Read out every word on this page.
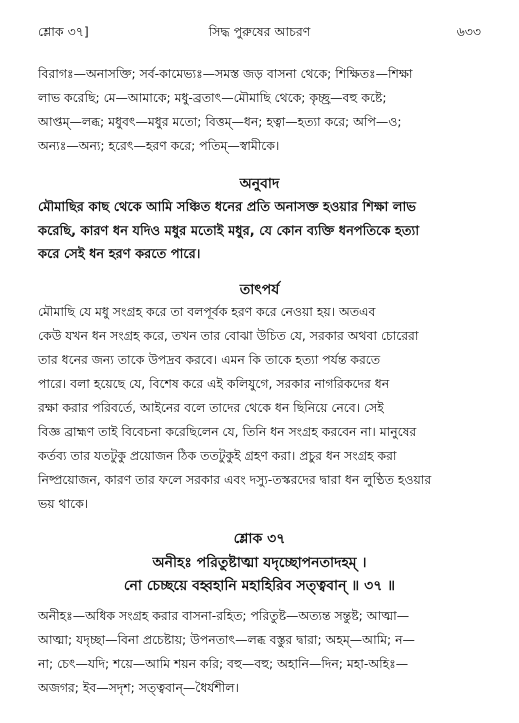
শ্লোক ৩৭]	সিদ্ধ পুরুষের আচরণ	৬৩৩
বিরাগঃ—অনাসক্তি; সর্ব-কামেভ্যঃ—সমস্ত জড় বাসনা থেকে; শিক্ষিতঃ—শিক্ষা
লাভ করেছি; মে—আমাকে; মধু-ব্রতাৎ—মৌমাছি থেকে; কৃচ্ছ্র—বহু কষ্টে;
আপ্তম্—লব্ধ; মধুবৎ—মধুর মতো; বিত্তম্—ধন; হত্বা—হত্যা করে; অপি—ও;
অন্যঃ—অন্য; হরেৎ—হরণ করে; পতিম্—স্বামীকে।
অনুবাদ
মৌমাছির কাছ থেকে আমি সঞ্চিত ধনের প্রতি অনাসক্ত হওয়ার শিক্ষা লাভ
করেছি, কারণ ধন যদিও মধুর মতোই মধুর, যে কোন ব্যক্তি ধনপতিকে হত্যা
করে সেই ধন হরণ করতে পারে।
তাৎপর্য
মৌমাছি যে মধু সংগ্রহ করে তা বলপূর্বক হরণ করে নেওয়া হয়। অতএব
কেউ যখন ধন সংগ্রহ করে, তখন তার বোঝা উচিত যে, সরকার অথবা চোরেরা
তার ধনের জন্য তাকে উপদ্রব করবে। এমন কি তাকে হত্যা পর্যন্ত করতে
পারে। বলা হয়েছে যে, বিশেষ করে এই কলিযুগে, সরকার নাগরিকদের ধন
রক্ষা করার পরিবর্তে, আইনের বলে তাদের থেকে ধন ছিনিয়ে নেবে। সেই
বিজ্ঞ ব্রাহ্মণ তাই বিবেচনা করেছিলেন যে, তিনি ধন সংগ্রহ করবেন না। মানুষের
কর্তব্য তার যতটুকু প্রয়োজন ঠিক ততটুকুই গ্রহণ করা। প্রচুর ধন সংগ্রহ করা
নিষ্প্রয়োজন, কারণ তার ফলে সরকার এবং দস্যু-তস্করদের দ্বারা ধন লুণ্ঠিত হওয়ার
ভয় থাকে।
শ্লোক ৩৭
অনীহঃ পরিতুষ্টাত্মা যদৃচ্ছোপনতাদহম্ ।
নো চেচ্ছয়ে বহ্বহানি মহাহিরিব সত্ত্ববান্ ॥ ৩৭ ॥
অনীহঃ—অধিক সংগ্রহ করার বাসনা-রহিত; পরিতুষ্ট—অত্যন্ত সন্তুষ্ট; আত্মা—
আত্মা; যদৃচ্ছা—বিনা প্রচেষ্টায়; উপনতাৎ—লব্ধ বস্তুর দ্বারা; অহম্—আমি; ন—
না; চেৎ—যদি; শয়ে—আমি শয়ন করি; বহু—বহু; অহানি—দিন; মহা-অহিঃ—
অজগর; ইব—সদৃশ; সত্ত্ববান্—ধৈর্যশীল।
